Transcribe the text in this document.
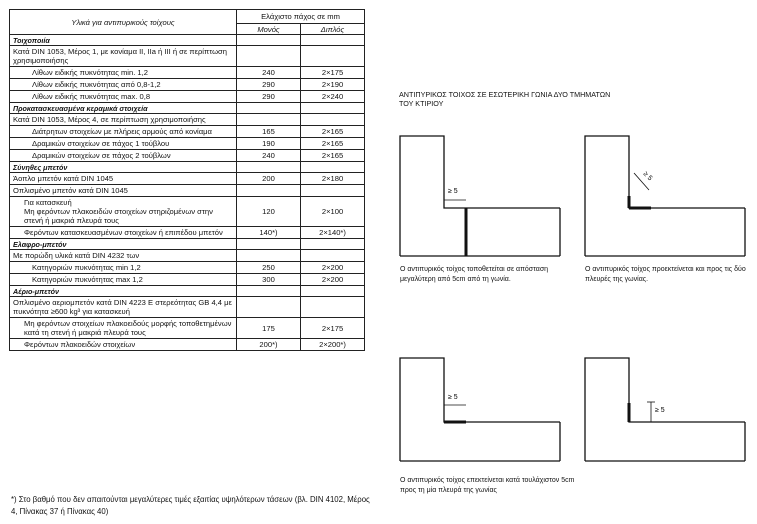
Υλικά για αντιπυρικούς τοίχους	Ελάχιστο πάχος σε mm	
	Μονός	Διπλός
Τοιχοποιία		
Κατά DIN 1053, Μέρος 1, με κονίαμα II, IIa ή III ή σε περίπτωση χρησιμοποιήσης		
Λίθων ειδικής πυκνότητας min. 1,2	240	2×175
Λίθων ειδικής πυκνότητας από 0,8-1,2	290	2×190
Λίθων ειδικής πυκνότητας max. 0,8	290	2×240
Προκατασκευασμένα κεραμικά στοιχεία		
Κατά DIN 1053, Μέρος 4, σε περίπτωση χρησιμοποιήσης		
Διάτρητων στοιχείων με πλήρεις αρμούς από κονίαμα	165	2×165
Δραμικών στοιχείων σε πάχος 1 τούβλου	190	2×165
Δραμικών στοιχείων σε πάχος 2 τούβλων	240	2×165
Σύνηθες μπετόν		
Άοπλο μπετόν κατά DIN 1045	200	2×180
Οπλισμένο μπετόν κατά DIN 1045		
Για κατασκευή
Μη φερόντων πλακοειδών στοιχείων στηριζομένων στην στενή ή μακριά πλευρά τους	120	2×100
Φερόντων κατασκευασμένων στοιχείων ή επιπέδου μπετόν	140*)	2×140*)
Ελαφρο-μπετόν		
Με πορώδη υλικά κατά DIN 4232 των		
Κατηγοριών πυκνότητας min 1,2	250	2×200
Κατηγοριών πυκνότητας max 1,2	300	2×200
Αέριο-μπετόν		
Οπλισμένο αεριομπετόν κατά DIN 4223 Ε στερεότητας GB 4,4 με πυκνότητα ≥600 kg³ για κατασκευή		
Μη φερόντων στοιχείων πλακοειδούς μορφής τοποθετημένων κατά τη στενή ή μακριά πλευρά τους	175	2×175
Φερόντων πλακοειδών στοιχείων	200*)	2×200*)
*) Στο βαθμό που δεν απαιτούνται μεγαλύτερες τιμές εξαιτίας υψηλότερων τάσεων (βλ. DIN 4102, Μέρος 4, Πίνακας 37 ή Πίνακας 40)
ΑΝΤΙΠΥΡΙΚΟΣ ΤΟΙΧΟΣ ΣΕ ΕΣΩΤΕΡΙΚΗ ΓΩΝΙΑ ΔΥΟ ΤΜΗΜΑΤΩΝ ΤΟΥ ΚΤΙΡΙΟΥ
≥ 5
Ο αντιπυρικός τοίχος τοποθετείται σε απόσταση μεγαλύτερη από 5cm από τη γωνία.
≥ 5
Ο αντιπυρικός τοίχος προεκτείνεται και προς τις δύο πλευρές της γωνίας.
≥ 5
Ο αντιπυρικός τοίχος επεκτείνεται κατά τουλάχιστον 5cm προς τη μία πλευρά της γωνίας
≥ 5
